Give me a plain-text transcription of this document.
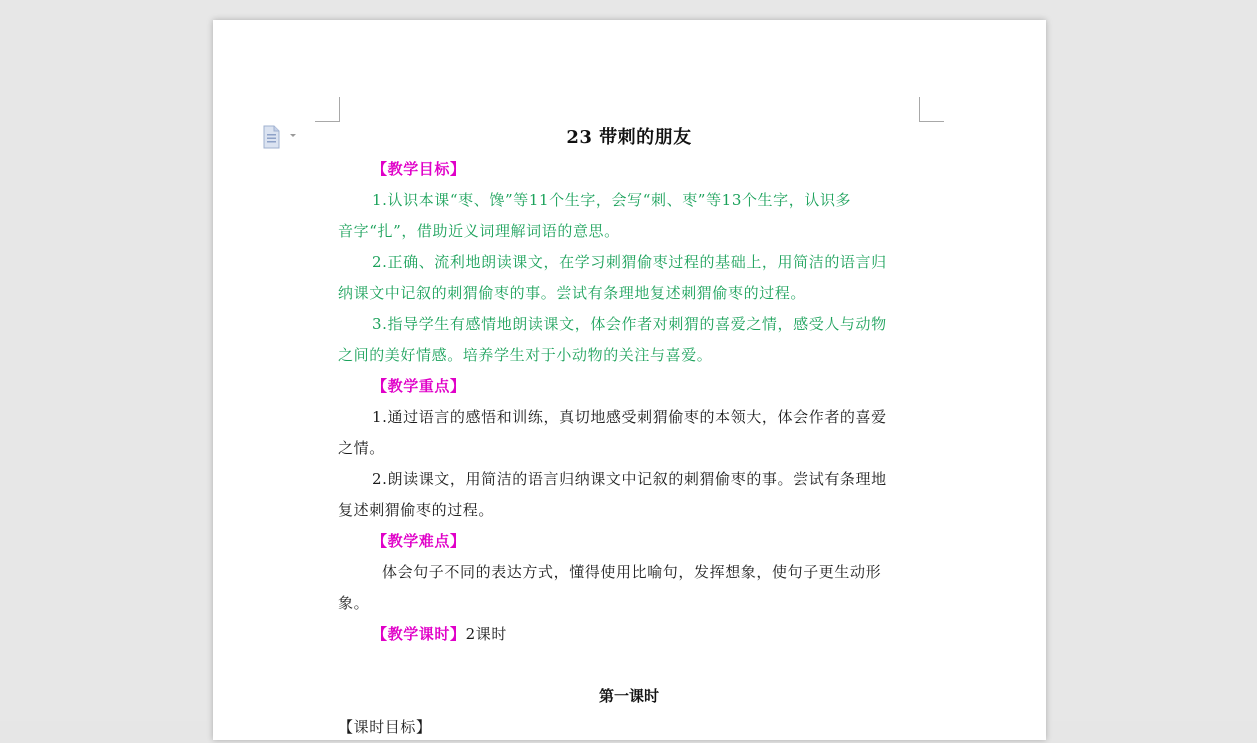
23 带刺的朋友
【教学目标】
1.认识本课“枣、馋”等11个生字，会写“刺、枣”等13个生字，认识多
音字“扎”，借助近义词理解词语的意思。
2.正确、流利地朗读课文，在学习刺猬偷枣过程的基础上，用简洁的语言归
纳课文中记叙的刺猬偷枣的事。尝试有条理地复述刺猬偷枣的过程。
3.指导学生有感情地朗读课文，体会作者对刺猬的喜爱之情，感受人与动物
之间的美好情感。培养学生对于小动物的关注与喜爱。
【教学重点】
1.通过语言的感悟和训练，真切地感受刺猬偷枣的本领大，体会作者的喜爱
之情。
2.朗读课文，用简洁的语言归纳课文中记叙的刺猬偷枣的事。尝试有条理地
复述刺猬偷枣的过程。
【教学难点】
体会句子不同的表达方式，懂得使用比喻句，发挥想象，使句子更生动形
象。
【教学课时】2课时
第一课时
【课时目标】
